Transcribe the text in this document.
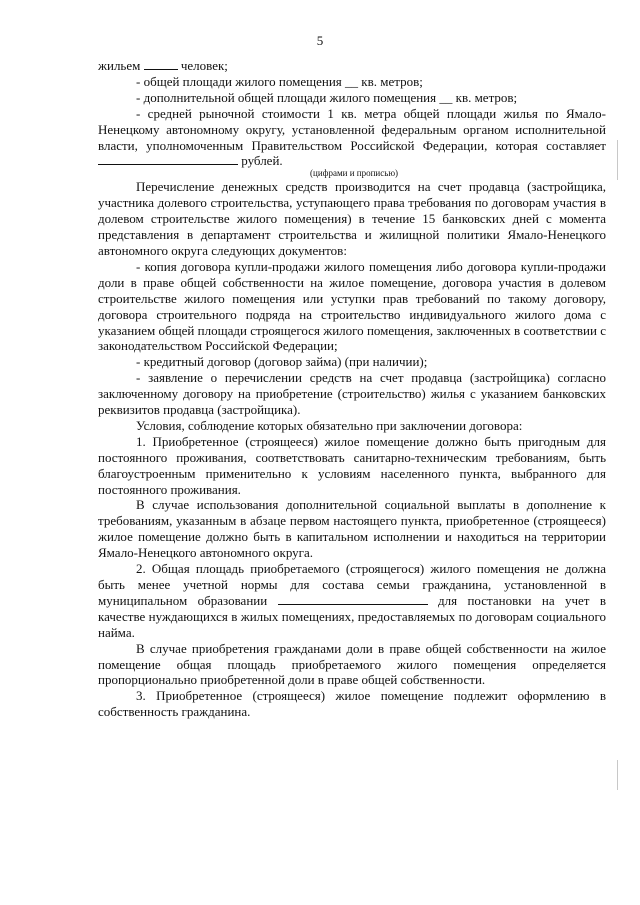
5

жильем	человек;

- общей площади жилого помещения __ кв. метров;

- дополнительной общей площади жилого помещения __ кв. метров;

- средней рыночной стоимости 1 кв. метра общей площади жилья по Ямало-Ненецкому автономному округу, установленной федеральным органом исполнительной власти, уполномоченным Правительством Российской Федерации, которая составляет  рублей.

(цифрами и прописью)

Перечисление денежных средств производится на счет продавца (застройщика, участника долевого строительства, уступающего права требования по договорам участия в долевом строительстве жилого помещения) в течение 15 банковских дней с момента представления в департамент строительства и жилищной политики Ямало-Ненецкого автономного округа следующих документов:

- копия договора купли-продажи жилого помещения либо договора купли-продажи доли в праве общей собственности на жилое помещение, договора участия в долевом строительстве жилого помещения или уступки прав требований по такому договору, договора строительного подряда на строительство индивидуального жилого дома с указанием общей площади строящегося жилого помещения, заключенных в соответствии с законодательством Российской Федерации;

- кредитный договор (договор займа) (при наличии);

- заявление о перечислении средств на счет продавца (застройщика) согласно заключенному договору на приобретение (строительство) жилья с указанием банковских реквизитов продавца (застройщика).

Условия, соблюдение которых обязательно при заключении договора:

1. Приобретенное (строящееся) жилое помещение должно быть пригодным для постоянного проживания, соответствовать санитарно-техническим требованиям, быть благоустроенным применительно к условиям населенного пункта, выбранного для постоянного проживания.

В случае использования дополнительной социальной выплаты в дополнение к требованиям, указанным в абзаце первом настоящего пункта, приобретенное (строящееся) жилое помещение должно быть в капитальном исполнении и находиться на территории Ямало-Ненецкого автономного округа.

2. Общая площадь приобретаемого (строящегося) жилого помещения не должна быть менее учетной нормы для состава семьи гражданина, установленной в муниципальном образовании	для постановки на учет в качестве нуждающихся в жилых помещениях, предоставляемых по договорам социального найма.

В случае приобретения гражданами доли в праве общей собственности на жилое помещение общая площадь приобретаемого жилого помещения определяется пропорционально приобретенной доли в праве общей собственности.

3. Приобретенное (строящееся) жилое помещение подлежит оформлению в собственность гражданина.
